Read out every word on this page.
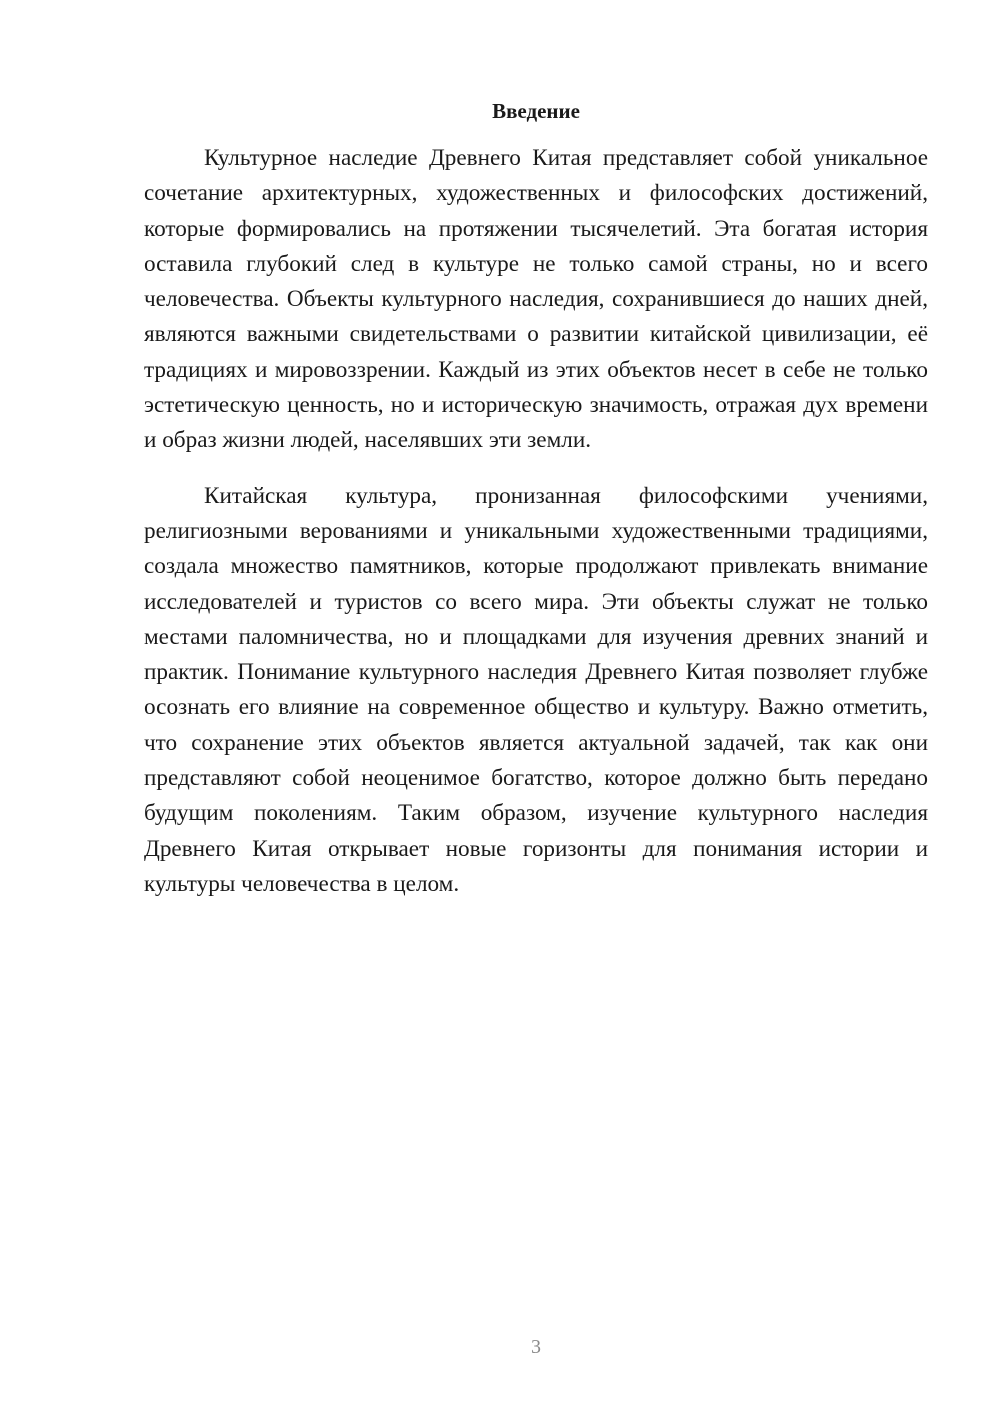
Введение

Культурное наследие Древнего Китая представляет собой уникальное сочетание архитектурных, художественных и философских достижений, которые формировались на протяжении тысячелетий. Эта богатая история оставила глубокий след в культуре не только самой страны, но и всего человечества. Объекты культурного наследия, сохранившиеся до наших дней, являются важными свидетельствами о развитии китайской цивилизации, её традициях и мировоззрении. Каждый из этих объектов несет в себе не только эстетическую ценность, но и историческую значимость, отражая дух времени и образ жизни людей, населявших эти земли.

Китайская культура, пронизанная философскими учениями, религиозными верованиями и уникальными художественными традициями, создала множество памятников, которые продолжают привлекать внимание исследователей и туристов со всего мира. Эти объекты служат не только местами паломничества, но и площадками для изучения древних знаний и практик. Понимание культурного наследия Древнего Китая позволяет глубже осознать его влияние на современное общество и культуру. Важно отметить, что сохранение этих объектов является актуальной задачей, так как они представляют собой неоценимое богатство, которое должно быть передано будущим поколениям. Таким образом, изучение культурного наследия Древнего Китая открывает новые горизонты для понимания истории и культуры человечества в целом.

3
